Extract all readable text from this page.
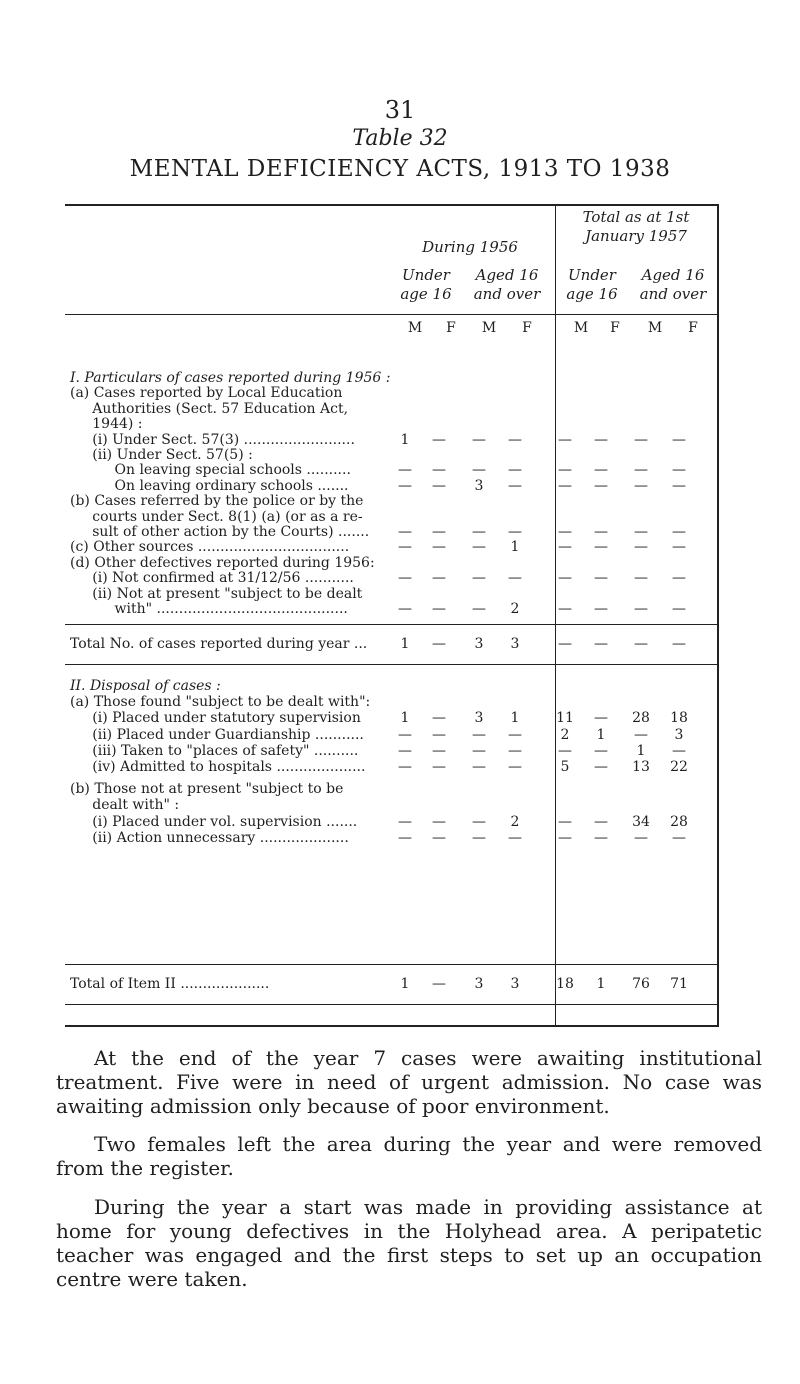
31
Table 32
MENTAL DEFICIENCY ACTS, 1913 TO 1938
During 1956
Total as at 1st January 1957
Under age 16
Aged 16 and over
Under age 16
Aged 16 and over
M	F	M	F	M	F	M	F
I. Particulars of cases reported during 1956 :
(a) Cases reported by Local Education
Authorities (Sect. 57 Education Act,
1944) :
(i) Under Sect. 57(3) .........................	1	—	—	—	—	—	—	—
(ii) Under Sect. 57(5) :
On leaving special schools ..........	—	—	—	—	—	—	—	—
On leaving ordinary schools .......	—	—	3	—	—	—	—	—
(b) Cases referred by the police or by the
courts under Sect. 8(1) (a) (or as a re-
sult of other action by the Courts) .......	—	—	—	—	—	—	—	—
(c) Other sources ..................................	—	—	—	1	—	—	—	—
(d) Other defectives reported during 1956:
(i) Not confirmed at 31/12/56 ...........	—	—	—	—	—	—	—	—
(ii) Not at present "subject to be dealt
with" ...........................................	—	—	—	2	—	—	—	—
Total No. of cases reported during year ...	1	—	3	3	—	—	—	—
II. Disposal of cases :
(a) Those found "subject to be dealt with":
(i) Placed under statutory supervision	1	—	3	1	11	—	28	18
(ii) Placed under Guardianship ...........	—	—	—	—	2	1	—	3
(iii) Taken to "places of safety" ..........	—	—	—	—	—	—	1	—
(iv) Admitted to hospitals ....................	—	—	—	—	5	—	13	22
(b) Those not at present "subject to be
dealt with" :
(i) Placed under vol. supervision .......	—	—	—	2	—	—	34	28
(ii) Action unnecessary ....................	—	—	—	—	—	—	—	—
Total of Item II ....................	1	—	3	3	18	1	76	71
At the end of the year 7 cases were awaiting institutional treatment. Five were in need of urgent admission. No case was awaiting admission only because of poor environment.
Two females left the area during the year and were removed from the register.
During the year a start was made in providing assistance at home for young defectives in the Holyhead area. A peripatetic teacher was engaged and the first steps to set up an occupation centre were taken.
